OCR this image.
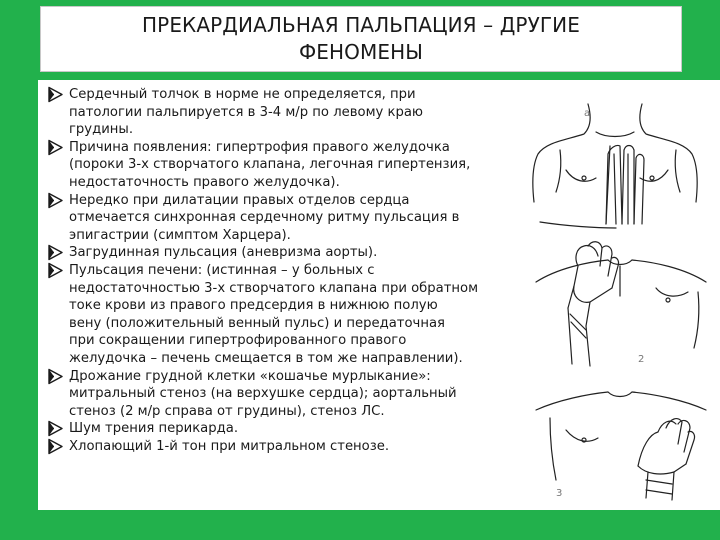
ПРЕКАРДИАЛЬНАЯ ПАЛЬПАЦИЯ – ДРУГИЕ
ФЕНОМЕНЫ
Сердечный толчок в норме не определяется, при
патологии пальпируется в 3-4 м/р по левому краю
грудины.
Причина появления: гипертрофия правого желудочка
(пороки 3-х створчатого клапана, легочная гипертензия,
недостаточность правого желудочка).
Нередко при дилатации правых отделов сердца
отмечается синхронная сердечному ритму пульсация в
эпигастрии (симптом Харцера).
Загрудинная пульсация (аневризма аорты).
Пульсация печени: (истинная – у больных с
недостаточностью 3-х створчатого клапана при обратном
токе крови из правого предсердия в нижнюю полую
вену (положительный венный пульс) и передаточная
при сокращении гипертрофированного правого
желудочка – печень смещается в том же направлении).
Дрожание грудной клетки «кошачье мурлыкание»:
митральный стеноз (на верхушке сердца); аортальный
стеноз (2 м/р справа от грудины), стеноз ЛС.
Шум трения перикарда.
Хлопающий 1-й тон при митральном стенозе.
а
2
3
